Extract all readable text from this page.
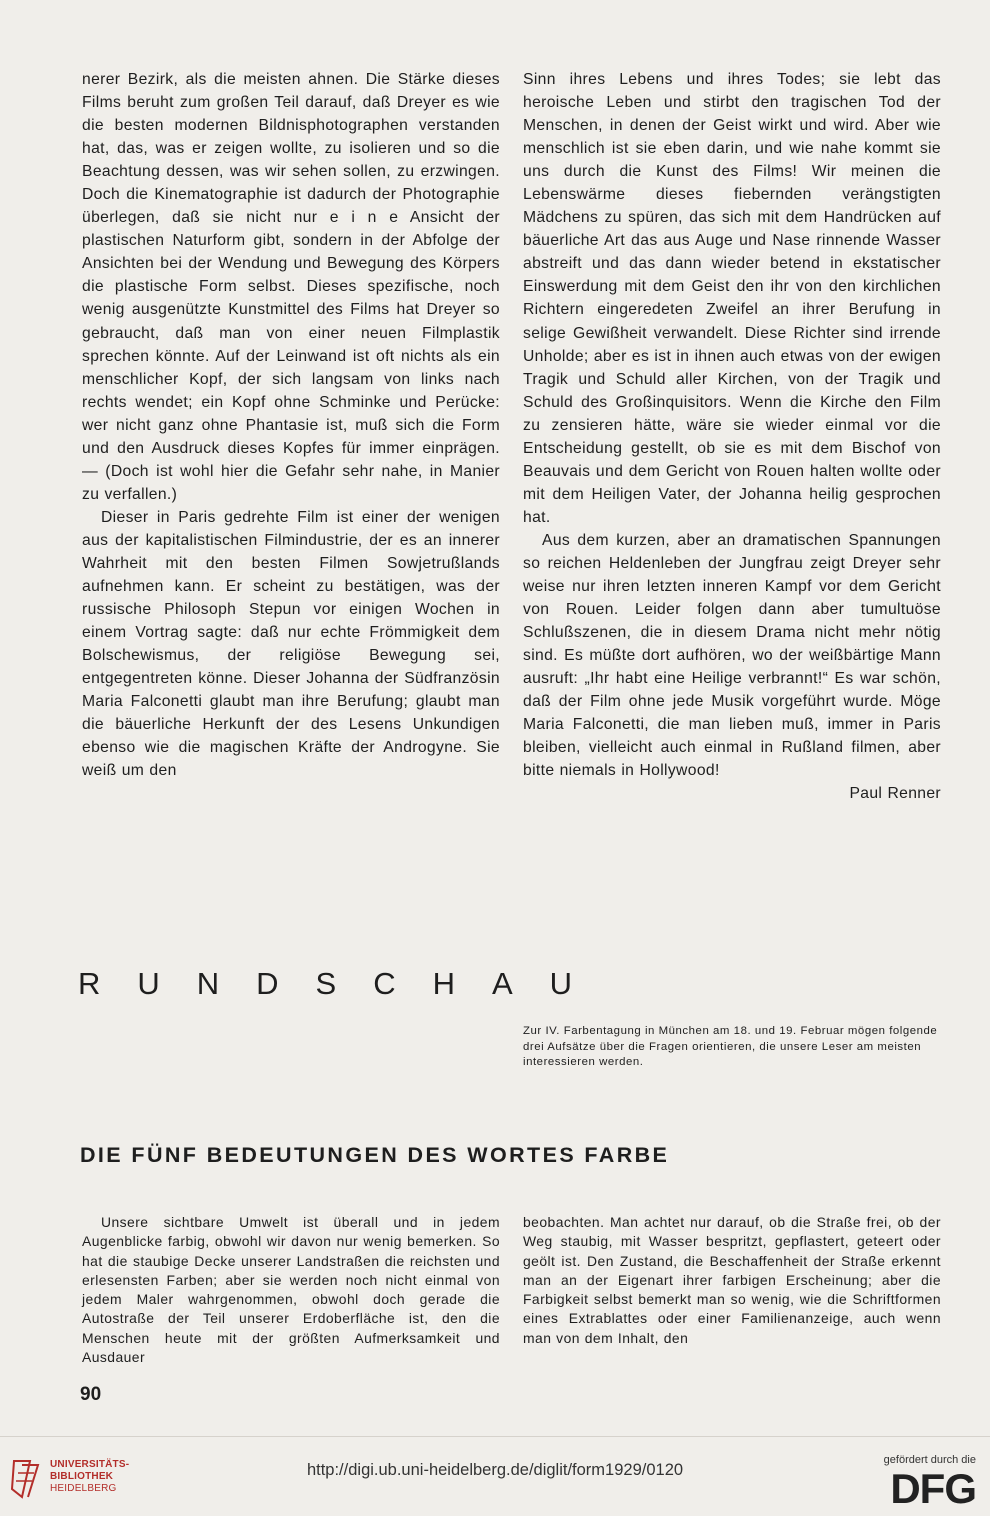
nerer Bezirk, als die meisten ahnen. Die Stärke dieses Films beruht zum großen Teil darauf, daß Dreyer es wie die besten modernen Bildnisphotographen verstanden hat, das, was er zeigen wollte, zu isolieren und so die Beachtung dessen, was wir sehen sollen, zu erzwingen. Doch die Kinematographie ist dadurch der Photographie überlegen, daß sie nicht nur e i n e Ansicht der plastischen Naturform gibt, sondern in der Abfolge der Ansichten bei der Wendung und Bewegung des Körpers die plastische Form selbst. Dieses spezifische, noch wenig ausgenützte Kunstmittel des Films hat Dreyer so gebraucht, daß man von einer neuen Filmplastik sprechen könnte. Auf der Leinwand ist oft nichts als ein menschlicher Kopf, der sich langsam von links nach rechts wendet; ein Kopf ohne Schminke und Perücke: wer nicht ganz ohne Phantasie ist, muß sich die Form und den Ausdruck dieses Kopfes für immer einprägen. — (Doch ist wohl hier die Gefahr sehr nahe, in Manier zu verfallen.)

Dieser in Paris gedrehte Film ist einer der wenigen aus der kapitalistischen Filmindustrie, der es an innerer Wahrheit mit den besten Filmen Sowjetrußlands aufnehmen kann. Er scheint zu bestätigen, was der russische Philosoph Stepun vor einigen Wochen in einem Vortrag sagte: daß nur echte Frömmigkeit dem Bolschewismus, der religiöse Bewegung sei, entgegentreten könne. Dieser Johanna der Südfranzösin Maria Falconetti glaubt man ihre Berufung; glaubt man die bäuerliche Herkunft der des Lesens Unkundigen ebenso wie die magischen Kräfte der Androgyne. Sie weiß um den

Sinn ihres Lebens und ihres Todes; sie lebt das heroische Leben und stirbt den tragischen Tod der Menschen, in denen der Geist wirkt und wird. Aber wie menschlich ist sie eben darin, und wie nahe kommt sie uns durch die Kunst des Films! Wir meinen die Lebenswärme dieses fiebernden verängstigten Mädchens zu spüren, das sich mit dem Handrücken auf bäuerliche Art das aus Auge und Nase rinnende Wasser abstreift und das dann wieder betend in ekstatischer Einswerdung mit dem Geist den ihr von den kirchlichen Richtern eingeredeten Zweifel an ihrer Berufung in selige Gewißheit verwandelt. Diese Richter sind irrende Unholde; aber es ist in ihnen auch etwas von der ewigen Tragik und Schuld aller Kirchen, von der Tragik und Schuld des Großinquisitors. Wenn die Kirche den Film zu zensieren hätte, wäre sie wieder einmal vor die Entscheidung gestellt, ob sie es mit dem Bischof von Beauvais und dem Gericht von Rouen halten wollte oder mit dem Heiligen Vater, der Johanna heilig gesprochen hat.

Aus dem kurzen, aber an dramatischen Spannungen so reichen Heldenleben der Jungfrau zeigt Dreyer sehr weise nur ihren letzten inneren Kampf vor dem Gericht von Rouen. Leider folgen dann aber tumultuöse Schlußszenen, die in diesem Drama nicht mehr nötig sind. Es müßte dort aufhören, wo der weißbärtige Mann ausruft: „Ihr habt eine Heilige verbrannt!“ Es war schön, daß der Film ohne jede Musik vorgeführt wurde. Möge Maria Falconetti, die man lieben muß, immer in Paris bleiben, vielleicht auch einmal in Rußland filmen, aber bitte niemals in Hollywood!

Paul Renner

RUNDSCHAU

Zur IV. Farbentagung in München am 18. und 19. Februar mögen folgende drei Aufsätze über die Fragen orientieren, die unsere Leser am meisten interessieren werden.

DIE FÜNF BEDEUTUNGEN DES WORTES FARBE

Unsere sichtbare Umwelt ist überall und in jedem Augenblicke farbig, obwohl wir davon nur wenig bemerken. So hat die staubige Decke unserer Landstraßen die reichsten und erlesensten Farben; aber sie werden noch nicht einmal von jedem Maler wahrgenommen, obwohl doch gerade die Autostraße der Teil unserer Erdoberfläche ist, den die Menschen heute mit der größten Aufmerksamkeit und Ausdauer

beobachten. Man achtet nur darauf, ob die Straße frei, ob der Weg staubig, mit Wasser bespritzt, gepflastert, geteert oder geölt ist. Den Zustand, die Beschaffenheit der Straße erkennt man an der Eigenart ihrer farbigen Erscheinung; aber die Farbigkeit selbst bemerkt man so wenig, wie die Schriftformen eines Extrablattes oder einer Familienanzeige, auch wenn man von dem Inhalt, den

90
UNIVERSITÄTS-
BIBLIOTHEK
HEIDELBERG
http://digi.ub.uni-heidelberg.de/diglit/form1929/0120
gefördert durch die
DFG
